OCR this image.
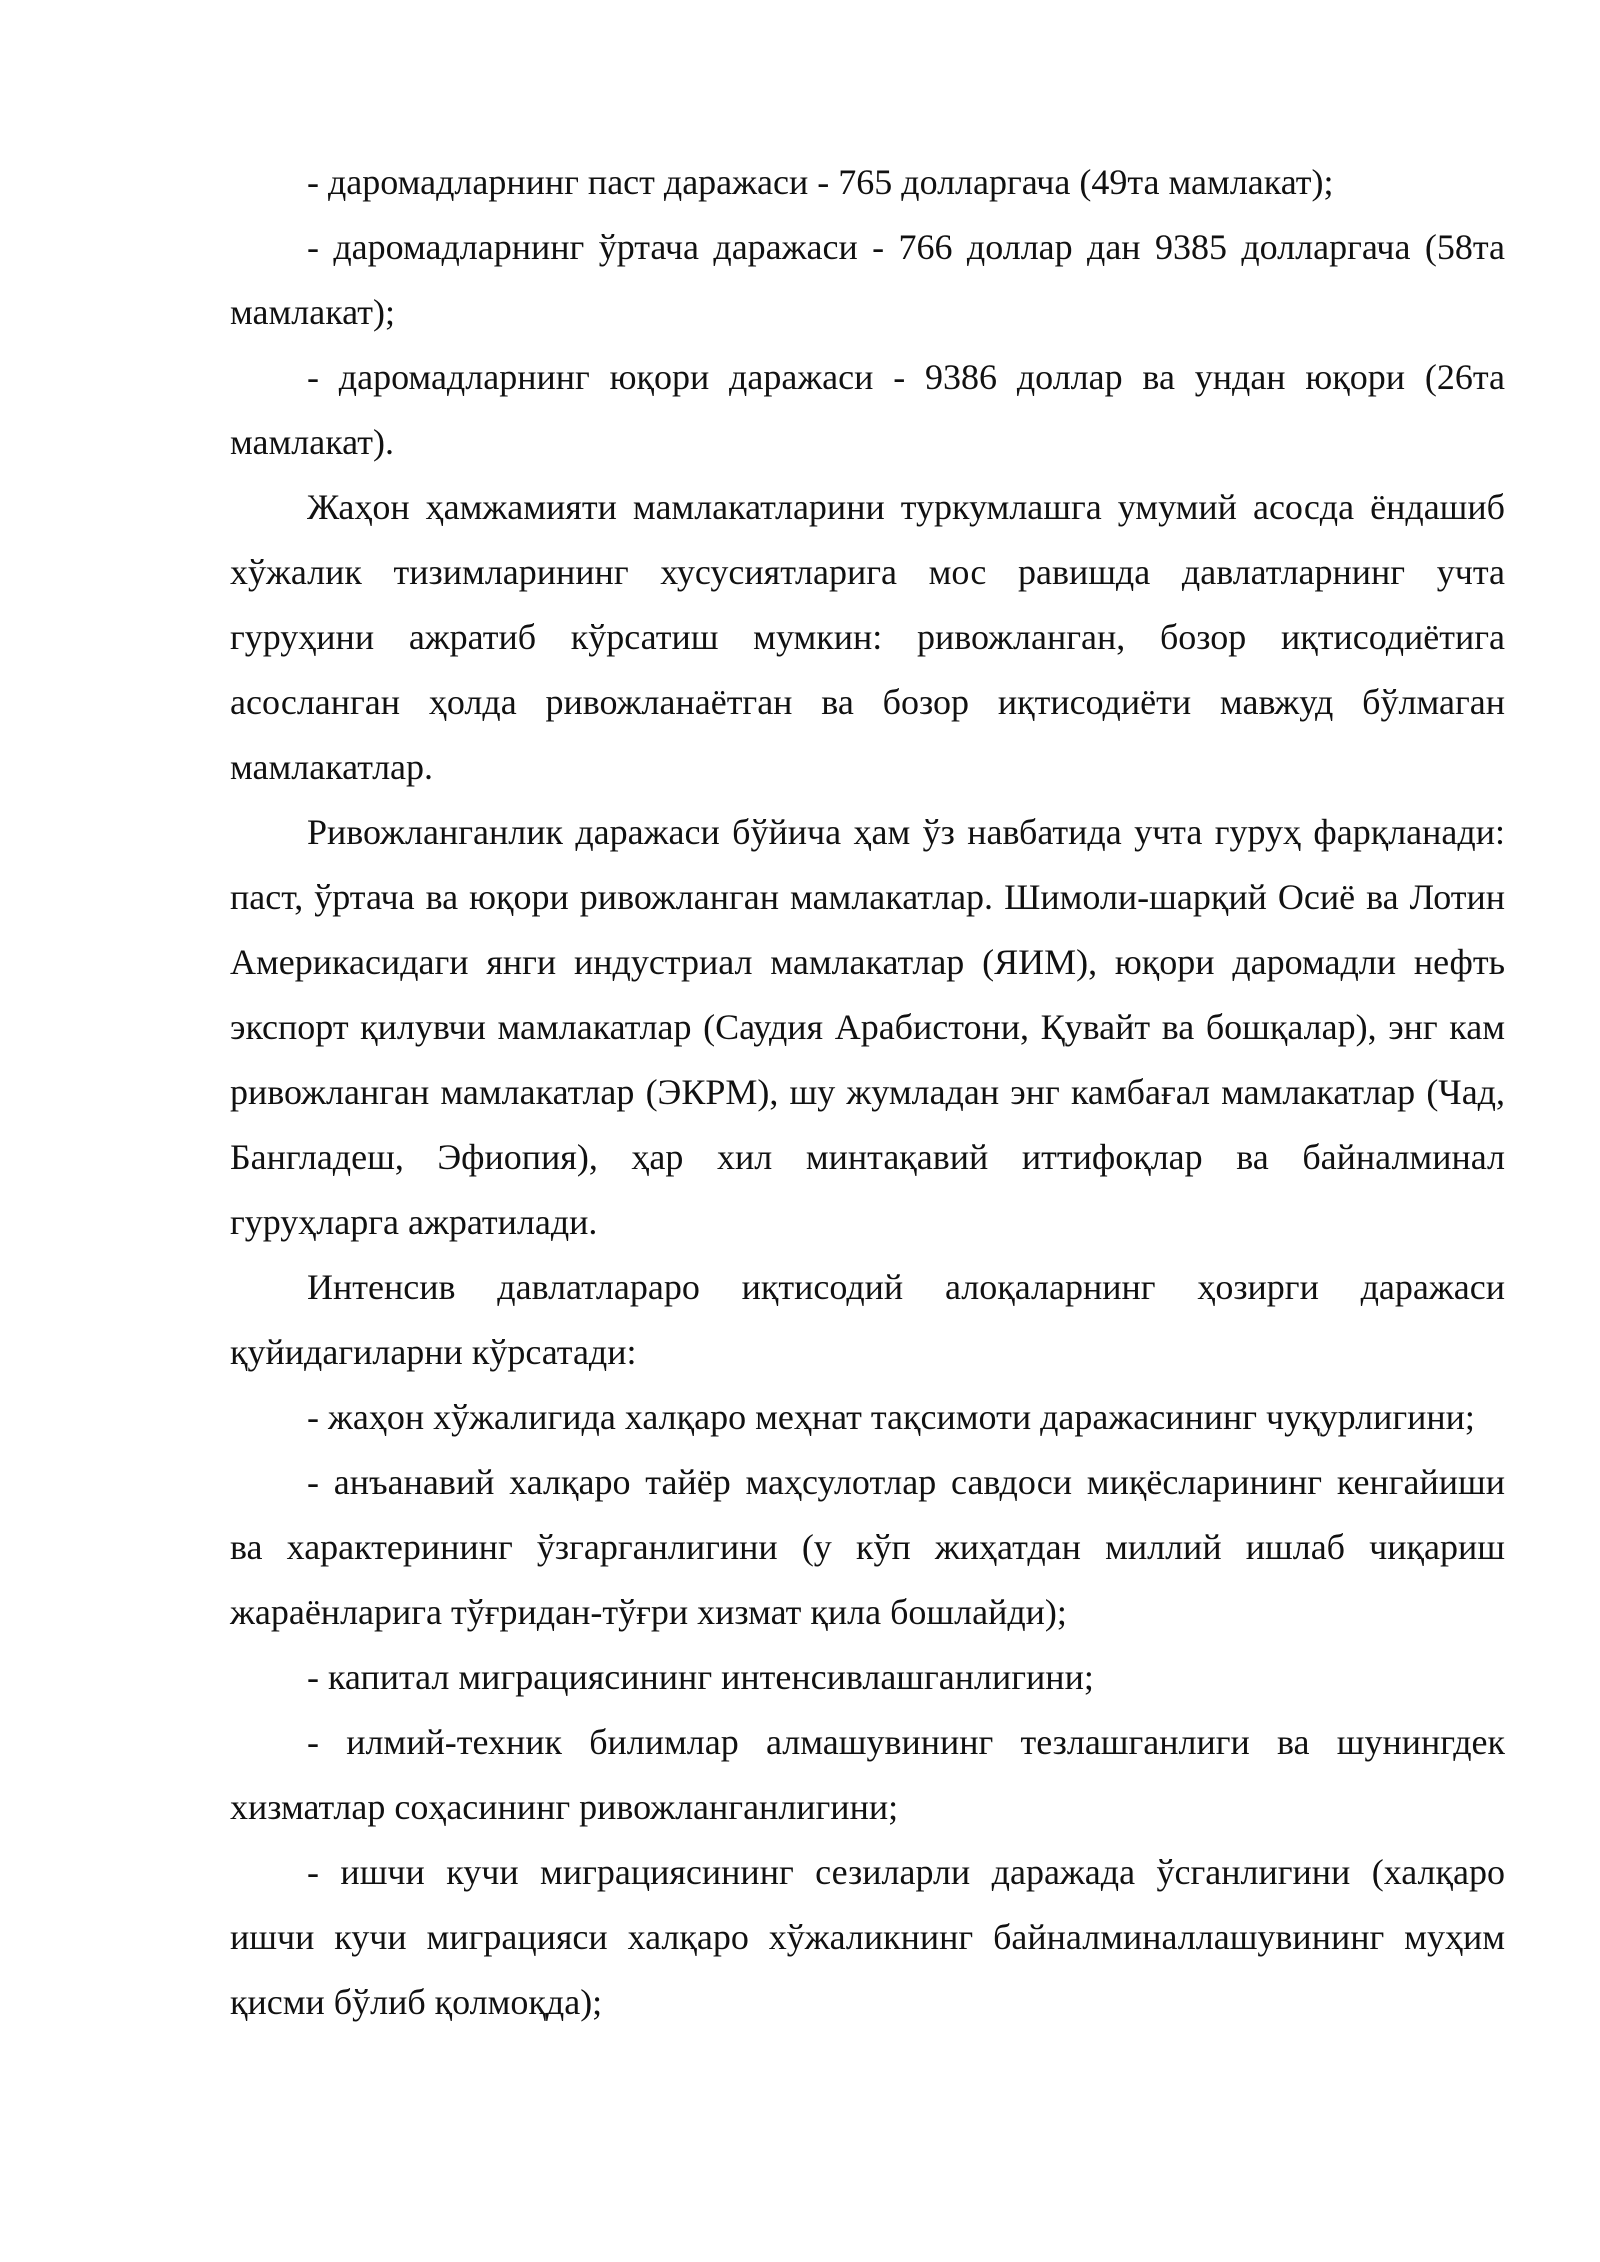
- даромадларнинг паст даражаси - 765 долларгача (49та мамлакат);

- даромадларнинг ўртача даражаси - 766 доллар дан 9385 долларгача (58та мамлакат);

- даромадларнинг юқори даражаси - 9386 доллар ва ундан юқори (26та мамлакат).

Жаҳон ҳамжамияти мамлакатларини туркумлашга умумий асосда ёндашиб хўжалик тизимларининг хусусиятларига мос равишда давлатларнинг учта гуруҳини ажратиб кўрсатиш мумкин: ривожланган, бозор иқтисодиётига асосланган ҳолда ривожланаётган ва бозор иқтисодиёти мавжуд бўлмаган мамлакатлар.

Ривожланганлик даражаси бўйича ҳам ўз навбатида учта гуруҳ фарқланади: паст, ўртача ва юқори ривожланган мамлакатлар. Шимоли-шарқий Осиё ва Лотин Америкасидаги янги индустриал мамлакатлар (ЯИМ), юқори даромадли нефть экспорт қилувчи мамлакатлар (Саудия Арабистони, Қувайт ва бошқалар), энг кам ривожланган мамлакатлар (ЭКРМ), шу жумладан энг камбағал мамлакатлар (Чад, Бангладеш, Эфиопия), ҳар хил минтақавий иттифоқлар ва байналминал гуруҳларга ажратилади.

Интенсив давлатлараро иқтисодий алоқаларнинг ҳозирги даражаси қуйидагиларни кўрсатади:

- жаҳон хўжалигида халқаро меҳнат тақсимоти даражасининг чуқурлигини;

- анъанавий халқаро тайёр маҳсулотлар савдоси миқёсларининг кенгайиши ва характерининг ўзгарганлигини (у кўп жиҳатдан миллий ишлаб чиқариш жараёнларига тўғридан-тўғри хизмат қила бошлайди);

- капитал миграциясининг интенсивлашганлигини;

- илмий-техник билимлар алмашувининг тезлашганлиги ва шунингдек хизматлар соҳасининг ривожланганлигини;

- ишчи кучи миграциясининг сезиларли даражада ўсганлигини (халқаро ишчи кучи миграцияси халқаро хўжаликнинг байналминаллашувининг муҳим қисми бўлиб қолмоқда);
